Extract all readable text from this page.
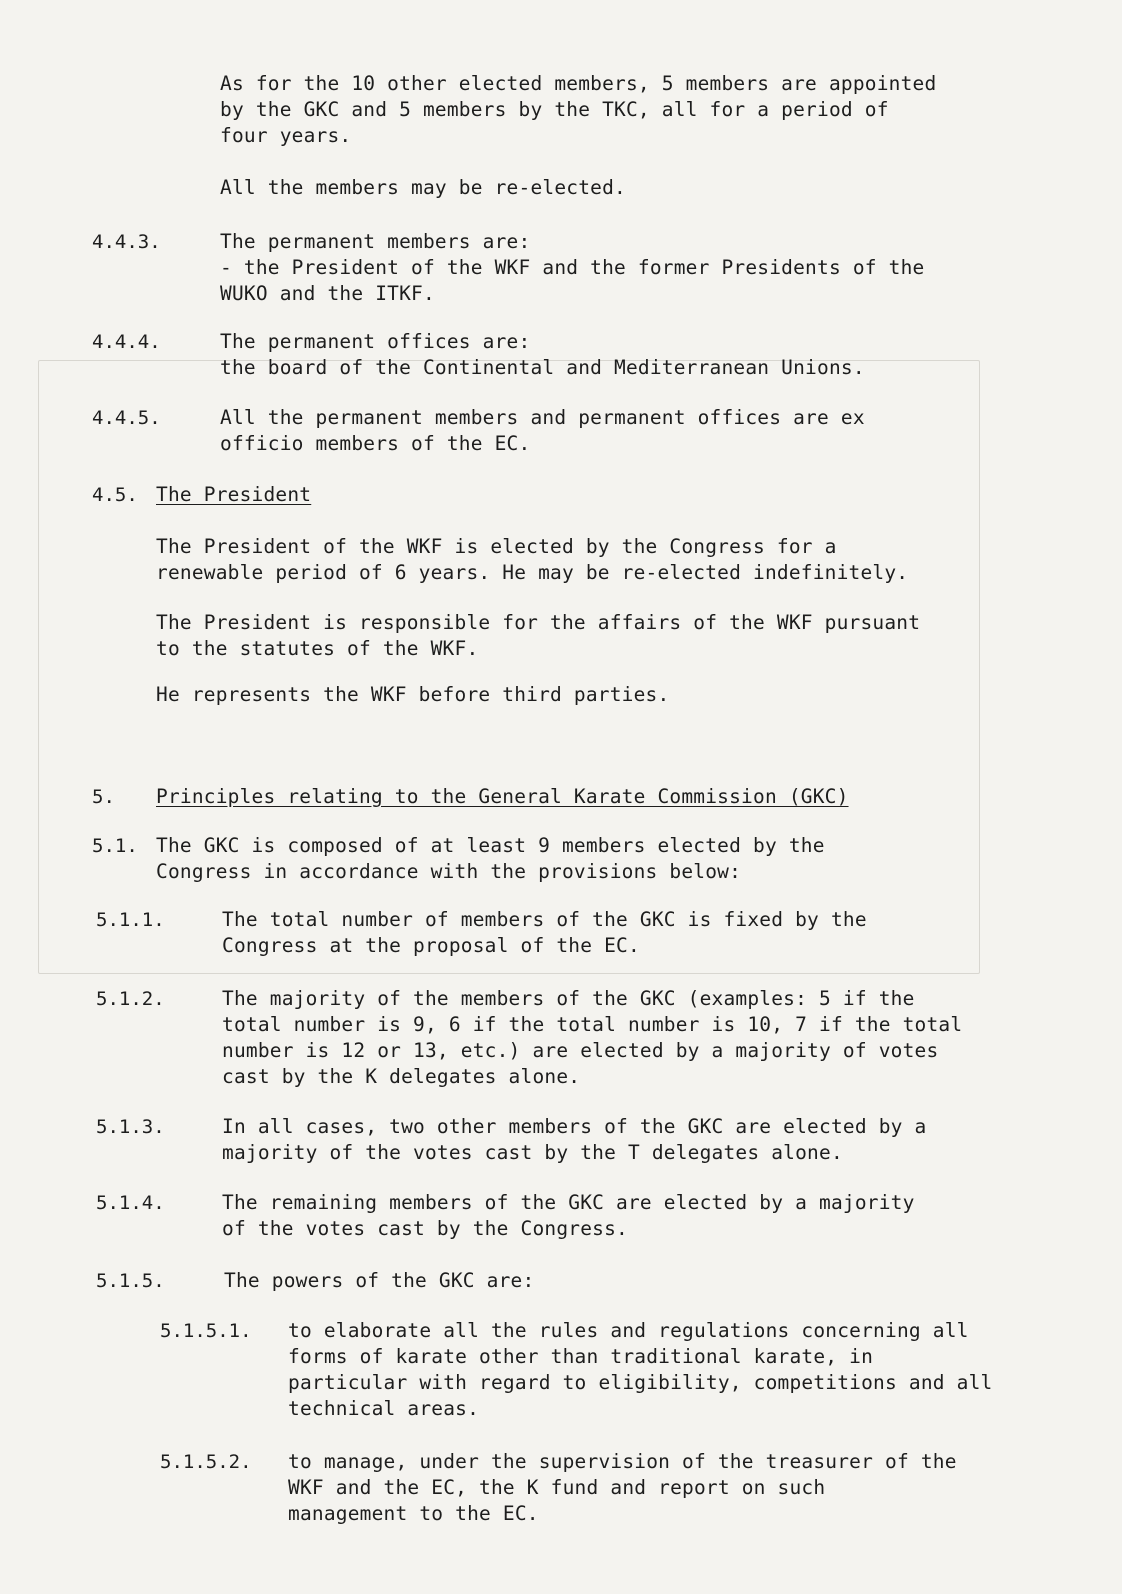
As for the 10 other elected members, 5 members are appointed
by the GKC and 5 members by the TKC, all for a period of
four years.
All the members may be re-elected.
4.4.3.	The permanent members are:
- the President of the WKF and the former Presidents of the
WUKO and the ITKF.
4.4.4.	The permanent offices are:
the board of the Continental and Mediterranean Unions.
4.4.5.	All the permanent members and permanent offices are ex
officio members of the EC.
4.5. The President
The President of the WKF is elected by the Congress for a
renewable period of 6 years. He may be re-elected indefinitely.
The President is responsible for the affairs of the WKF pursuant
to the statutes of the WKF.
He represents the WKF before third parties.
5. Principles relating to the General Karate Commission (GKC)
5.1. The GKC is composed of at least 9 members elected by the
Congress in accordance with the provisions below:
5.1.1.	The total number of members of the GKC is fixed by the
Congress at the proposal of the EC.
5.1.2.	The majority of the members of the GKC (examples: 5 if the
total number is 9, 6 if the total number is 10, 7 if the total
number is 12 or 13, etc.) are elected by a majority of votes
cast by the K delegates alone.
5.1.3.	In all cases, two other members of the GKC are elected by a
majority of the votes cast by the T delegates alone.
5.1.4.	The remaining members of the GKC are elected by a majority
of the votes cast by the Congress.
5.1.5.	The powers of the GKC are:
5.1.5.1. to elaborate all the rules and regulations concerning all
forms of karate other than traditional karate, in
particular with regard to eligibility, competitions and all
technical areas.
5.1.5.2. to manage, under the supervision of the treasurer of the
WKF and the EC, the K fund and report on such
management to the EC.
